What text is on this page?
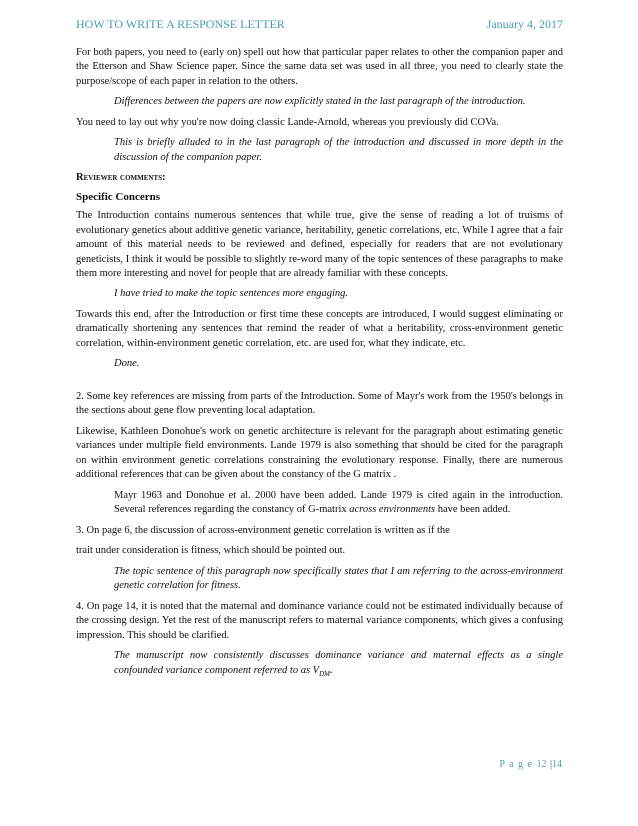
HOW TO WRITE A RESPONSE LETTER	January 4, 2017

For both papers, you need to (early on) spell out how that particular paper relates to other the companion paper and the Etterson and Shaw Science paper. Since the same data set was used in all three, you need to clearly state the purpose/scope of each paper in relation to the others.

Differences between the papers are now explicitly stated in the last paragraph of the introduction.

You need to lay out why you're now doing classic Lande-Arnold, whereas you previously did COVa.

This is briefly alluded to in the last paragraph of the introduction and discussed in more depth in the discussion of the companion paper.

Reviewer comments:

Specific Concerns

The Introduction contains numerous sentences that while true, give the sense of reading a lot of truisms of evolutionary genetics about additive genetic variance, heritability, genetic correlations, etc. While I agree that a fair amount of this material needs to be reviewed and defined, especially for readers that are not evolutionary geneticists, I think it would be possible to slightly re-word many of the topic sentences of these paragraphs to make them more interesting and novel for people that are already familiar with these concepts.

I have tried to make the topic sentences more engaging.

Towards this end, after the Introduction or first time these concepts are introduced, I would suggest eliminating or dramatically shortening any sentences that remind the reader of what a heritability, cross-environment genetic correlation, within-environment genetic correlation, etc. are used for, what they indicate, etc.

Done.

2. Some key references are missing from parts of the Introduction. Some of Mayr's work from the 1950's belongs in the sections about gene flow preventing local adaptation.

Likewise, Kathleen Donohue's work on genetic architecture is relevant for the paragraph about estimating genetic variances under multiple field environments. Lande 1979 is also something that should be cited for the paragraph on within environment genetic correlations constraining the evolutionary response. Finally, there are numerous additional references that can be given about the constancy of the G matrix .

Mayr 1963 and Donohue et al. 2000 have been added. Lande 1979 is cited again in the introduction. Several references regarding the constancy of G-matrix across environments have been added.

3. On page 6, the discussion of across-environment genetic correlation is written as if the

trait under consideration is fitness, which should be pointed out.

The topic sentence of this paragraph now specifically states that I am referring to the across-environment genetic correlation for fitness.

4. On page 14, it is noted that the maternal and dominance variance could not be estimated individually because of the crossing design. Yet the rest of the manuscript refers to maternal variance components, which gives a confusing impression. This should be clarified.

The manuscript now consistently discusses dominance variance and maternal effects as a single confounded variance component referred to as $V_{DM}$.

P a g e 12 |14
